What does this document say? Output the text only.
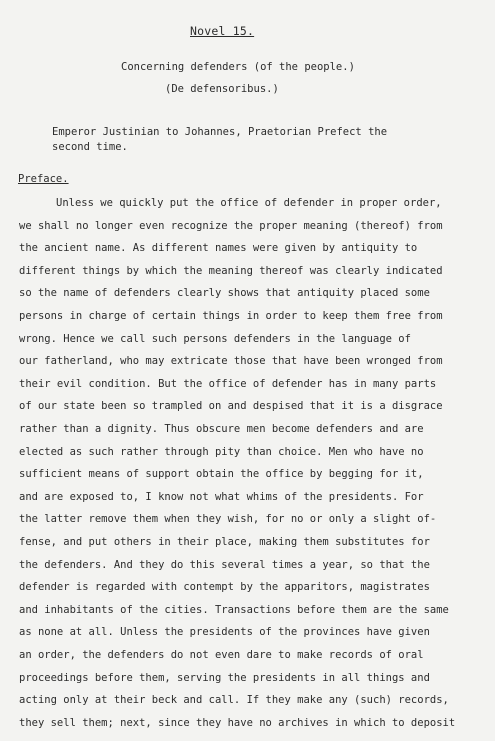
Novel 15.
Concerning defenders (of the people.)
(De defensoribus.)
Emperor Justinian to Johannes, Praetorian Prefect the
second time.
Preface.
Unless we quickly put the office of defender in proper order,
we shall no longer even recognize the proper meaning (thereof) from
the ancient name. As different names were given by antiquity to
different things by which the meaning thereof was clearly indicated
so the name of defenders clearly shows that antiquity placed some
persons in charge of certain things in order to keep them free from
wrong. Hence we call such persons defenders in the language of
our fatherland, who may extricate those that have been wronged from
their evil condition. But the office of defender has in many parts
of our state been so trampled on and despised that it is a disgrace
rather than a dignity. Thus obscure men become defenders and are
elected as such rather through pity than choice. Men who have no
sufficient means of support obtain the office by begging for it,
and are exposed to, I know not what whims of the presidents. For
the latter remove them when they wish, for no or only a slight of-
fense, and put others in their place, making them substitutes for
the defenders. And they do this several times a year, so that the
defender is regarded with contempt by the apparitors, magistrates
and inhabitants of the cities. Transactions before them are the same
as none at all. Unless the presidents of the provinces have given
an order, the defenders do not even dare to make records of oral
proceedings before them, serving the presidents in all things and
acting only at their beck and call. If they make any (such) records,
they sell them; next, since they have no archives in which to deposit
